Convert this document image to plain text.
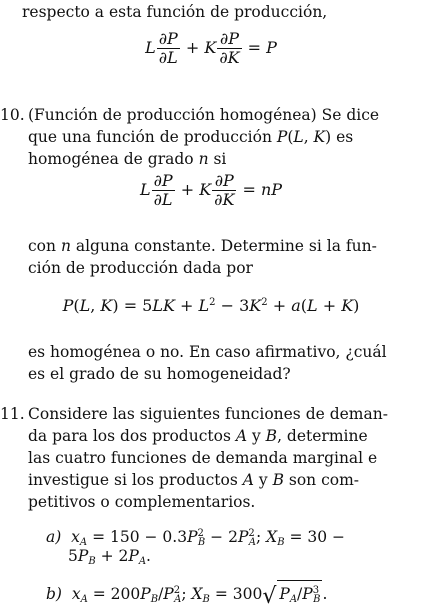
respecto a esta función de producción,
L $\frac{\partial P}{\partial L} + K \frac{\partial P}{\partial K} = P$
10. (Función de producción homogénea) Se dice
que una función de producción P(L, K) es
homogénea de grado n si
L $\frac{\partial P}{\partial L} + K \frac{\partial P}{\partial K}$ = nP
con n alguna constante. Determine si la fun-
ción de producción dada por
P(L, $K) = 5LK + L^2 - 3K^2 + a(L + K)$
es homogénea o no. En caso afirmativo, ¿cuál
es el grado de su homogeneidad?
11. Considere las siguientes funciones de deman-
da para los dos productos A y B, determine
las cuatro funciones de demanda marginal e
investigue si los productos A y B son com-
petitivos o complementarios.
a) $x_A = 150 - 0.3P^2_B - 2P^2_A$; $X_B = 30$ −
$5P_B + 2P_A$.
b) $x_A = 200P_B/P^2_A$; $X_B = 300√$ $P_A/P^3_B$ .
